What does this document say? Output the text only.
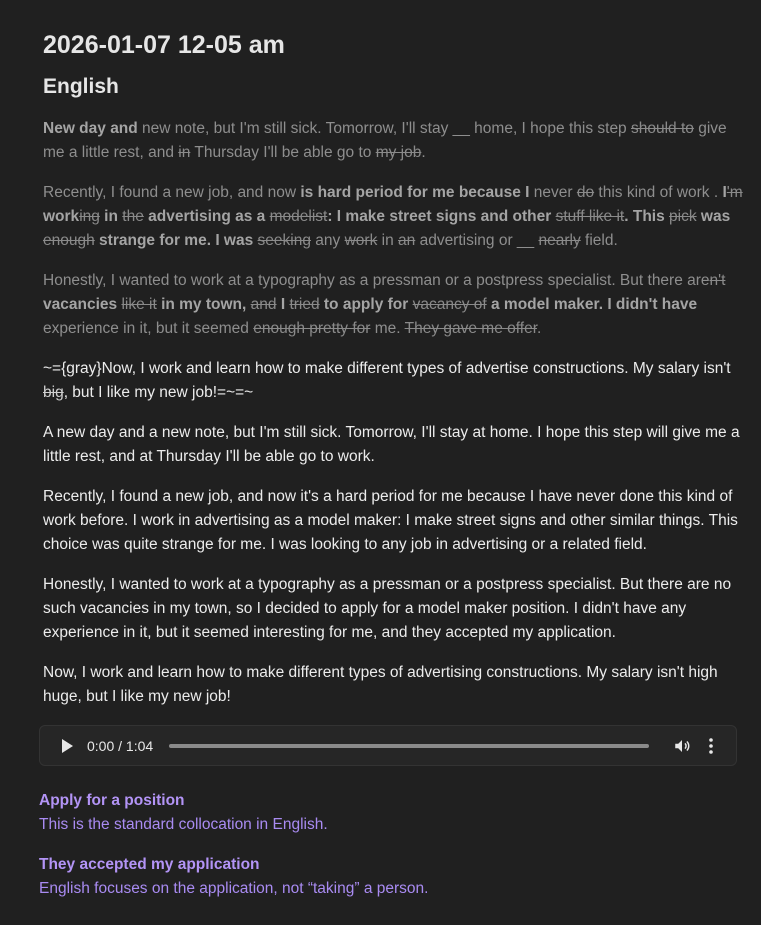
2026-01-07 12-05 am
English

New day and new note, but I'm still sick. Tomorrow, I'll stay __ home, I hope this step should to give me a little rest, and in Thursday I'll be able go to my job.

Recently, I found a new job, and now is hard period for me because I never do this kind of work . I'm working in the advertising as a modelist: I make street signs and other stuff like it. This pick was enough strange for me. I was seeking any work in an advertising or __ nearly field.

Honestly, I wanted to work at a typography as a pressman or a postpress specialist. But there aren't vacancies like it in my town, and I tried to apply for vacancy of a model maker. I didn't have experience in it, but it seemed enough pretty for me. They gave me offer.

~={gray}Now, I work and learn how to make different types of advertise constructions. My salary isn't big, but I like my new job!=~=~

A new day and a new note, but I'm still sick. Tomorrow, I'll stay at home. I hope this step will give me a little rest, and at Thursday I'll be able go to work.

Recently, I found a new job, and now it's a hard period for me because I have never done this kind of work before. I work in advertising as a model maker: I make street signs and other similar things. This choice was quite strange for me. I was looking to any job in advertising or a related field.

Honestly, I wanted to work at a typography as a pressman or a postpress specialist. But there are no such vacancies in my town, so I decided to apply for a model maker position. I didn't have any experience in it, but it seemed interesting for me, and they accepted my application.

Now, I work and learn how to make different types of advertising constructions. My salary isn't high huge, but I like my new job!

0:00 / 1:04
Apply for a position
This is the standard collocation in English.
They accepted my application
English focuses on the application, not “taking” a person.
